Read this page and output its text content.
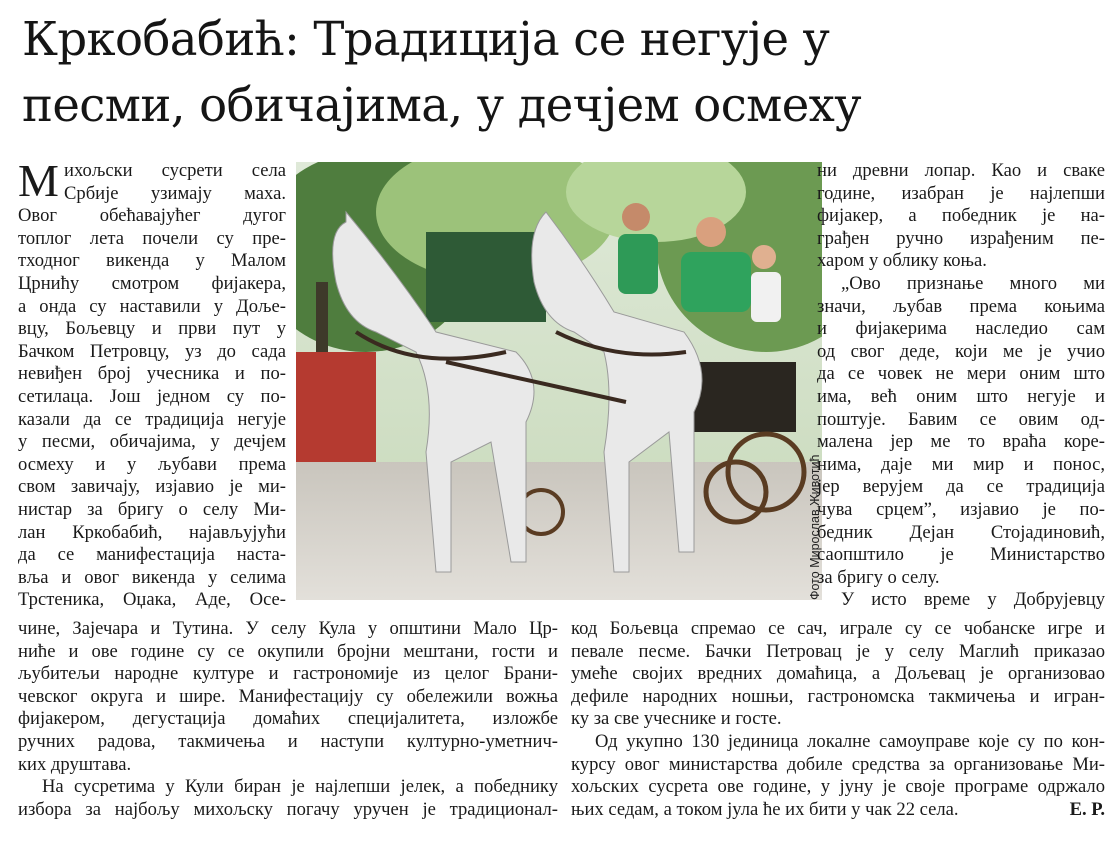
Кркобабић: Традиција се негује у
песми, обичајима, у дечјем осмеху
Фото Мирослав Животић
М ихољски сусрети села
Србије узимају маха.
Овог обећавајућег дугог
топлог лета почели су пре-
тходног викенда у Малом
Црнићу смотром фијакера,
а онда су наставили у Доље-
вцу, Бољевцу и први пут у
Бачком Петровцу, уз до сада
невиђен број учесника и по-
сетилаца. Још једном су по-
казали да се традиција негује
у песми, обичајима, у дечјем
осмеху и у љубави према
свом завичају, изјавио је ми-
нистар за бригу о селу Ми-
лан Кркобабић, најављујући
да се манифестација наста-
вља и овог викенда у селима
Трстеника, Оџака, Аде, Осе-
чине, Зајечара и Тутина. У селу Кула у општини Мало Цр-
ниће и ове године су се окупили бројни мештани, гости и
љубитељи народне културе и гастрономије из целог Брани-
чевског округа и шире. Манифестацију су обележили вожња
фијакером, дегустација домаћих специјалитета, изложбе
ручних радова, такмичења и наступи културно-уметнич-
ких друштава.
На сусретима у Кули биран је најлепши јелек, а победнику
избора за најбољу михољску погачу уручен је традиционал-
ни древни лопар. Као и сваке
године, изабран је најлепши
фијакер, а победник је на-
грађен ручно израђеним пе-
харом у облику коња.
„Ово признање много ми
значи, љубав према коњима
и фијакерима наследио сам
од свог деде, који ме је учио
да се човек не мери оним што
има, већ оним што негује и
поштује. Бавим се овим од-
малена јер ме то враћа коре-
нима, даје ми мир и понос,
јер верујем да се традиција
чува срцем”, изјавио је по-
бедник Дејан Стојадиновић,
саопштило је Министарство
за бригу о селу.
У исто време у Добрујевцу
код Бољевца спремао се сач, играле су се чобанске игре и
певале песме. Бачки Петровац је у селу Маглић приказао
умеће својих вредних домаћица, а Дољевац је организовао
дефиле народних ношњи, гастрономска такмичења и игран-
ку за све учеснике и госте.
Од укупно 130 јединица локалне самоуправе које су по кон-
курсу овог министарства добиле средства за организовање Ми-
хољских сусрета ове године, у јуну је своје програме одржало
њих седам, а током јула ће их бити у чак 22 села.	Е. Р.
